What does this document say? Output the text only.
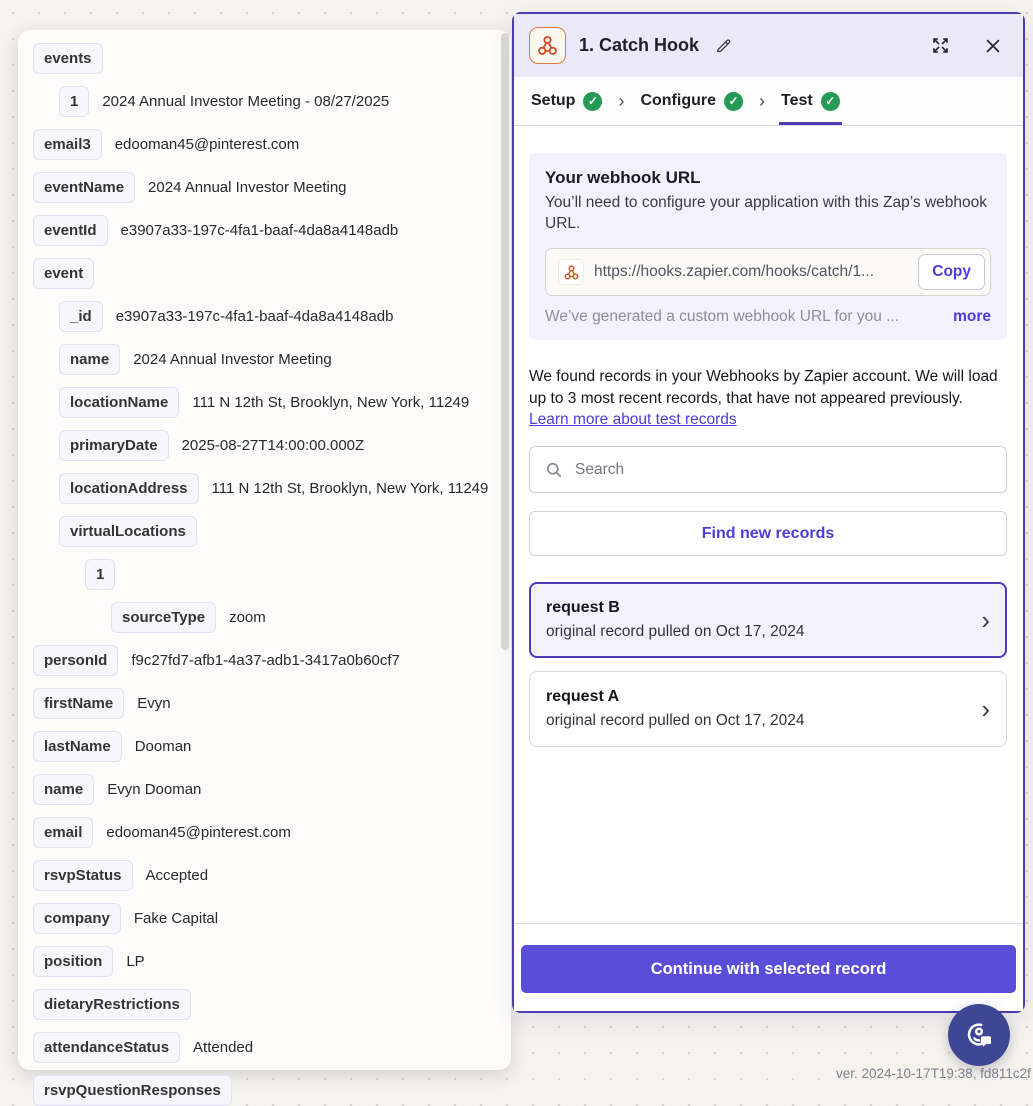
events
1	2024 Annual Investor Meeting - 08/27/2025
email3	edooman45@pinterest.com
eventName	2024 Annual Investor Meeting
eventId	e3907a33-197c-4fa1-baaf-4da8a4148adb
event
_id	e3907a33-197c-4fa1-baaf-4da8a4148adb
name	2024 Annual Investor Meeting
locationName	111 N 12th St, Brooklyn, New York, 11249
primaryDate	2025-08-27T14:00:00.000Z
locationAddress	111 N 12th St, Brooklyn, New York, 11249
virtualLocations
1
sourceType	zoom
personId	f9c27fd7-afb1-4a37-adb1-3417a0b60cf7
firstName	Evyn
lastName	Dooman
name	Evyn Dooman
email	edooman45@pinterest.com
rsvpStatus	Accepted
company	Fake Capital
position	LP
dietaryRestrictions
attendanceStatus	Attended
rsvpQuestionResponses
1. Catch Hook
Setup	✓ › Configure	✓ › Test	✓
Your webhook URL

You’ll need to configure your application with this Zap’s webhook URL.

https://hooks.zapier.com/hooks/catch/1...	Copy
We’ve generated a custom webhook URL for you ...	more

We found records in your Webhooks by Zapier account. We will load up to 3 most recent records, that have not appeared previously.

Learn more about test records
Search
Find new records
request B
original record pulled on Oct 17, 2024	›
request A
original record pulled on Oct 17, 2024	›
Continue with selected record
ver. 2024-10-17T19:38. fd811c2f
